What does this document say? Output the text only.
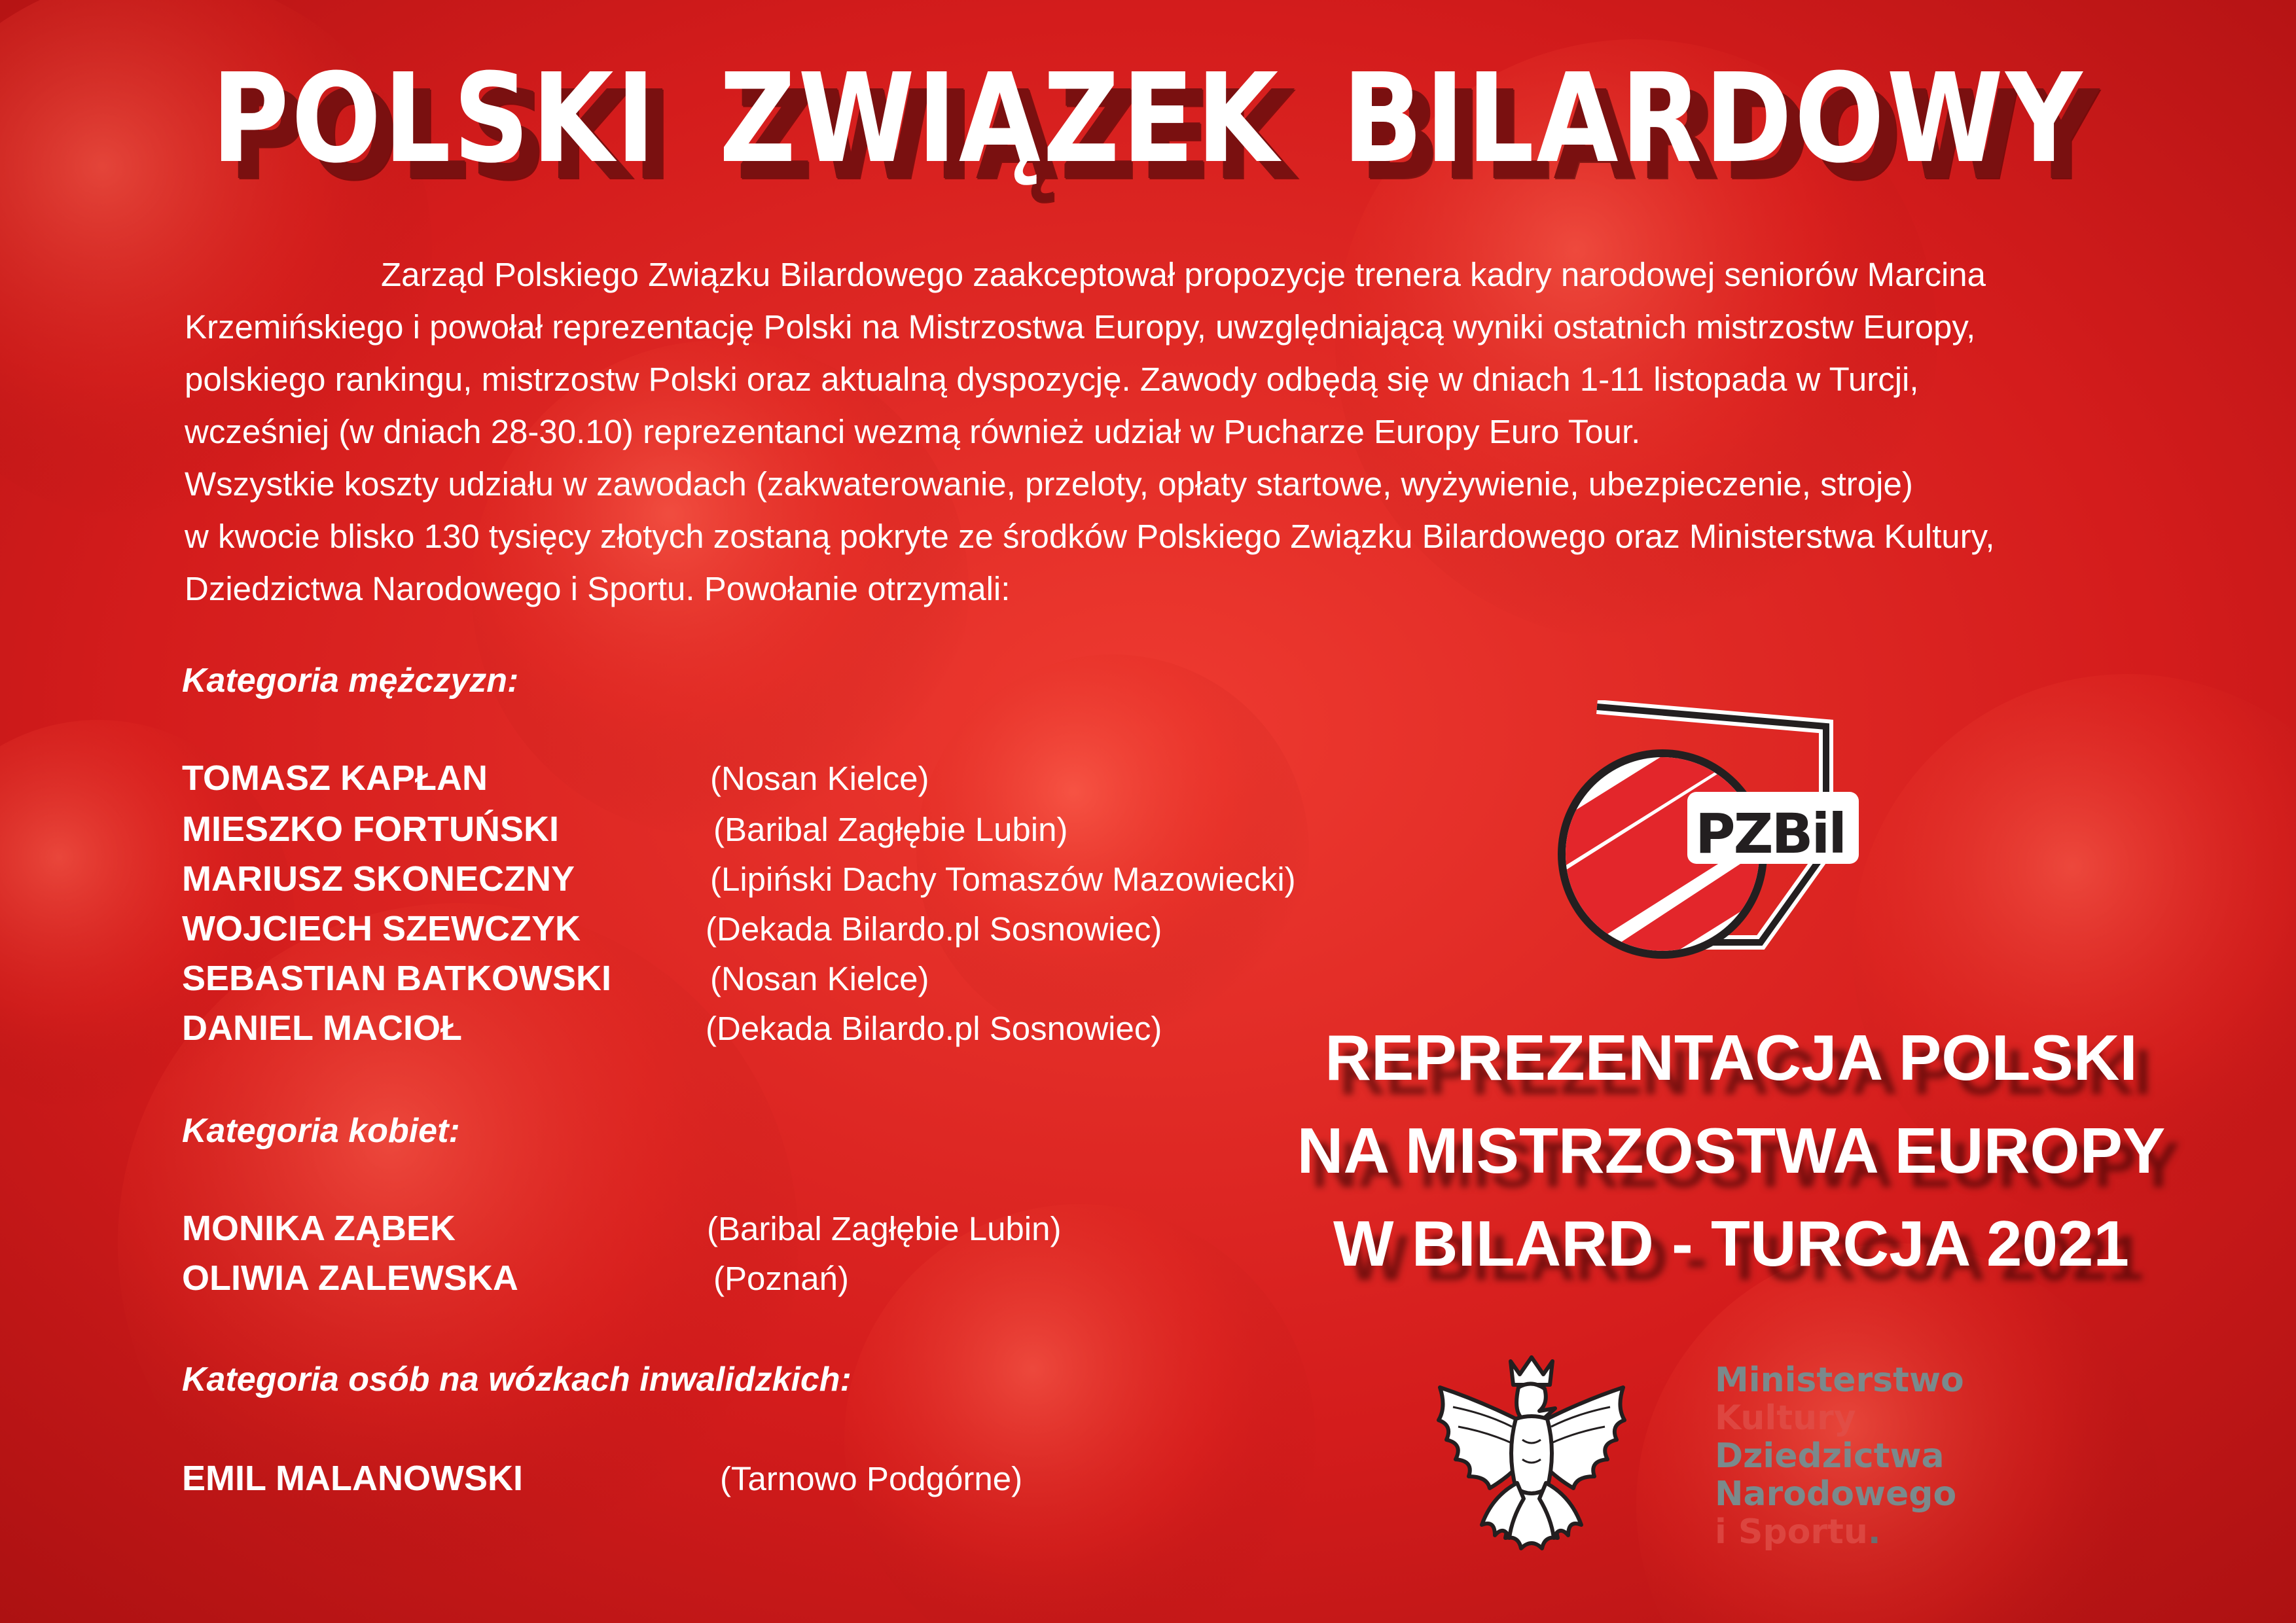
POLSKI ZWIĄZEK BILARDOWY

Zarząd Polskiego Związku Bilardowego zaakceptował propozycje trenera kadry narodowej seniorów Marcina

Krzemińskiego i powołał reprezentację Polski na Mistrzostwa Europy, uwzględniającą wyniki ostatnich mistrzostw Europy,

polskiego rankingu, mistrzostw Polski oraz aktualną dyspozycję. Zawody odbędą się w dniach 1-11 listopada w Turcji,

wcześniej (w dniach 28-30.10) reprezentanci wezmą również udział w Pucharze Europy Euro Tour.

Wszystkie koszty udziału w zawodach (zakwaterowanie, przeloty, opłaty startowe, wyżywienie, ubezpieczenie, stroje)

w kwocie blisko 130 tysięcy złotych zostaną pokryte ze środków Polskiego Związku Bilardowego oraz Ministerstwa Kultury,

Dziedzictwa Narodowego i Sportu. Powołanie otrzymali:

Kategoria mężczyzn:
TOMASZ KAPŁAN	(Nosan Kielce)
MIESZKO FORTUŃSKI	(Baribal Zagłębie Lubin)
MARIUSZ SKONECZNY	(Lipiński Dachy Tomaszów Mazowiecki)
WOJCIECH SZEWCZYK	(Dekada Bilardo.pl Sosnowiec)
SEBASTIAN BATKOWSKI	(Nosan Kielce)
DANIEL MACIOŁ	(Dekada Bilardo.pl Sosnowiec)
Kategoria kobiet:
MONIKA ZĄBEK	(Baribal Zagłębie Lubin)
OLIWIA ZALEWSKA	(Poznań)
Kategoria osób na wózkach inwalidzkich:
EMIL MALANOWSKI	(Tarnowo Podgórne)
PZBil
REPREZENTACJA POLSKI
NA MISTRZOSTWA EUROPY
W BILARD - TURCJA 2021
Ministerstwo
Kultury
Dziedzictwa
Narodowego
i Sportu.
